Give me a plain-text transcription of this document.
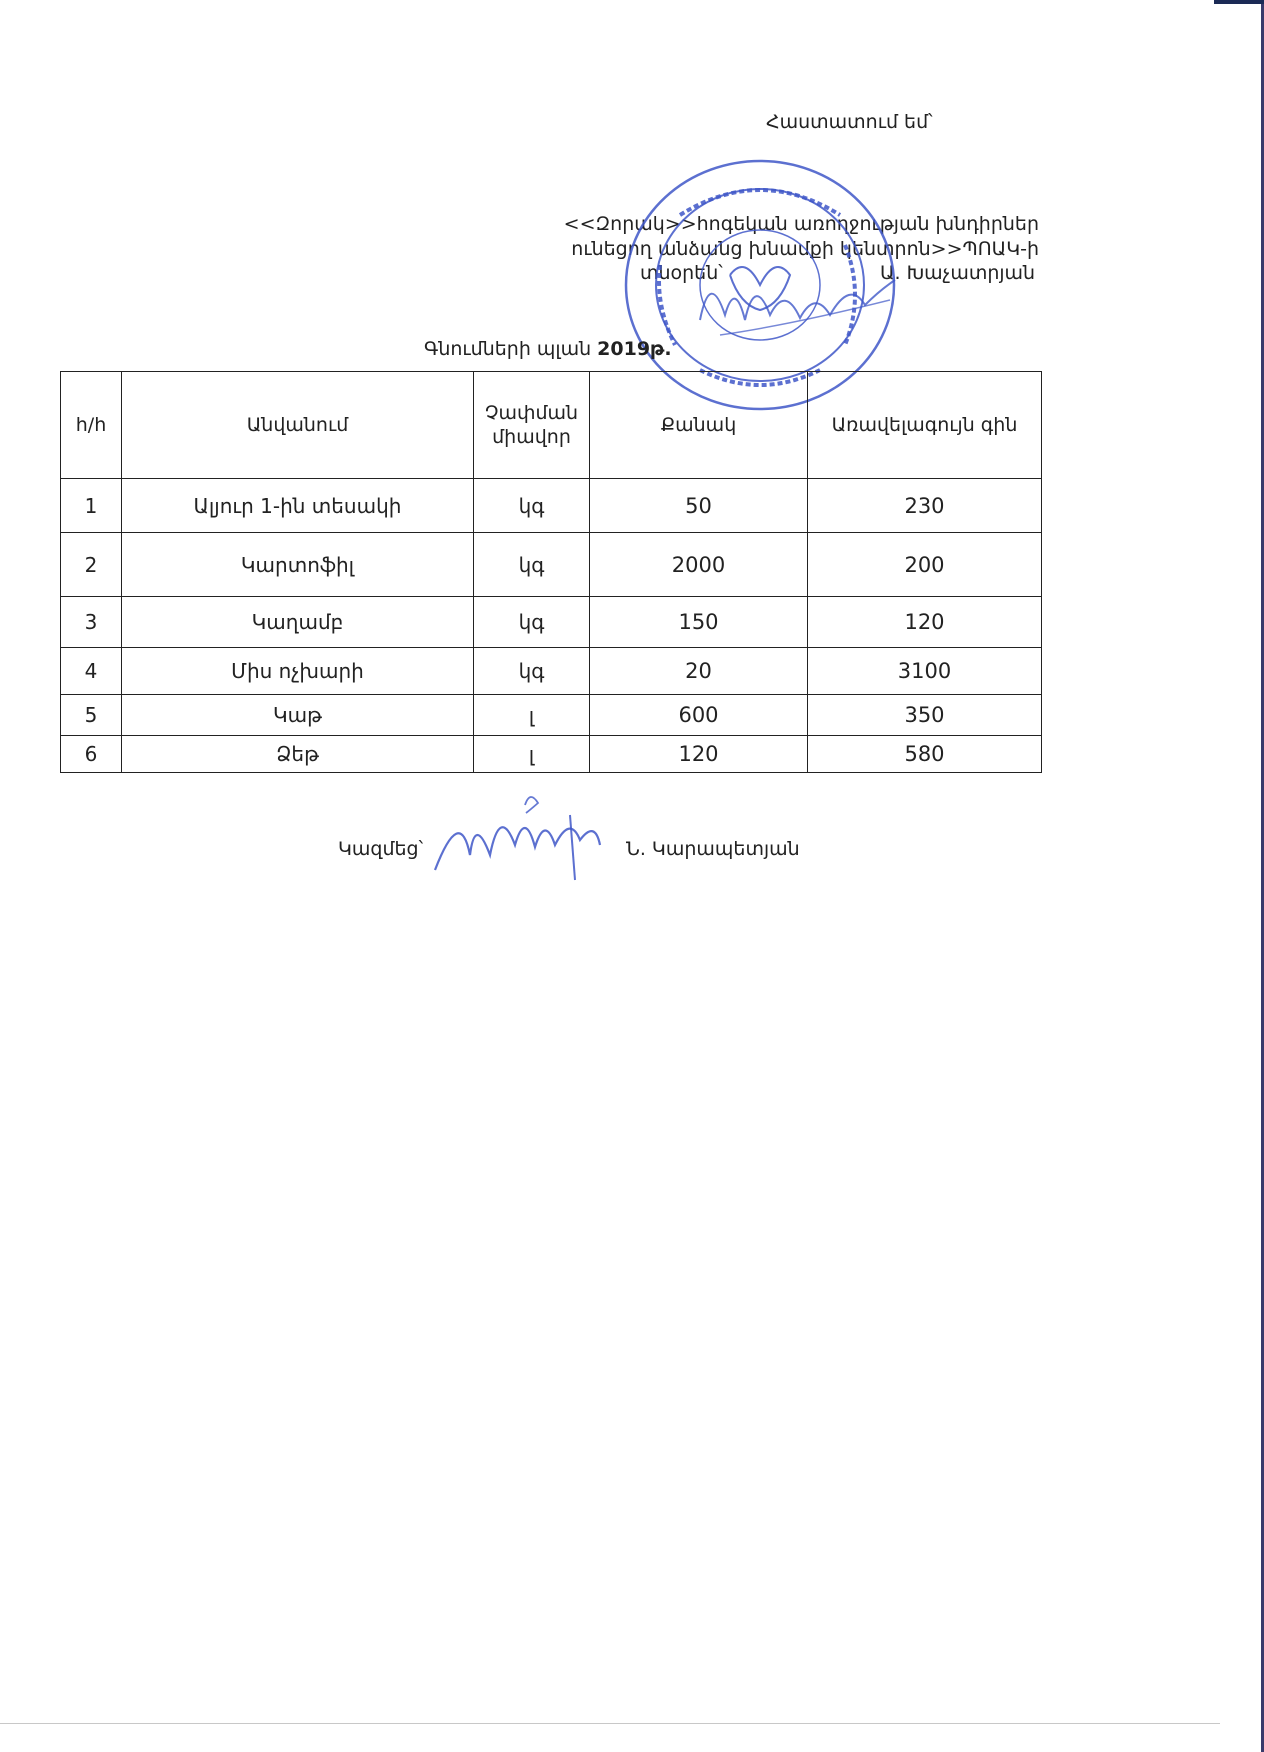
Հաստատում եմ՝
<<Զորակ>>հոգեկան առողջության խնդիրներ
ունեցող անձանց խնամքի կենտրոն>>ՊՈԱԿ-ի
տնօրեն՝	Ա. Խաչատրյան
Գնումների պլան 2019թ.
հ/հ	Անվանում	Չափման միավոր	Քանակ	Առավելագույն գին
1	Ալյուր 1-ին տեսակի	կգ	50	230
2	Կարտոֆիլ	կգ	2000	200
3	Կաղամբ	կգ	150	120
4	Միս ոչխարի	կգ	20	3100
5	Կաթ	լ	600	350
6	Ձեթ	լ	120	580
Կազմեց՝	Ն. Կարապետյան
